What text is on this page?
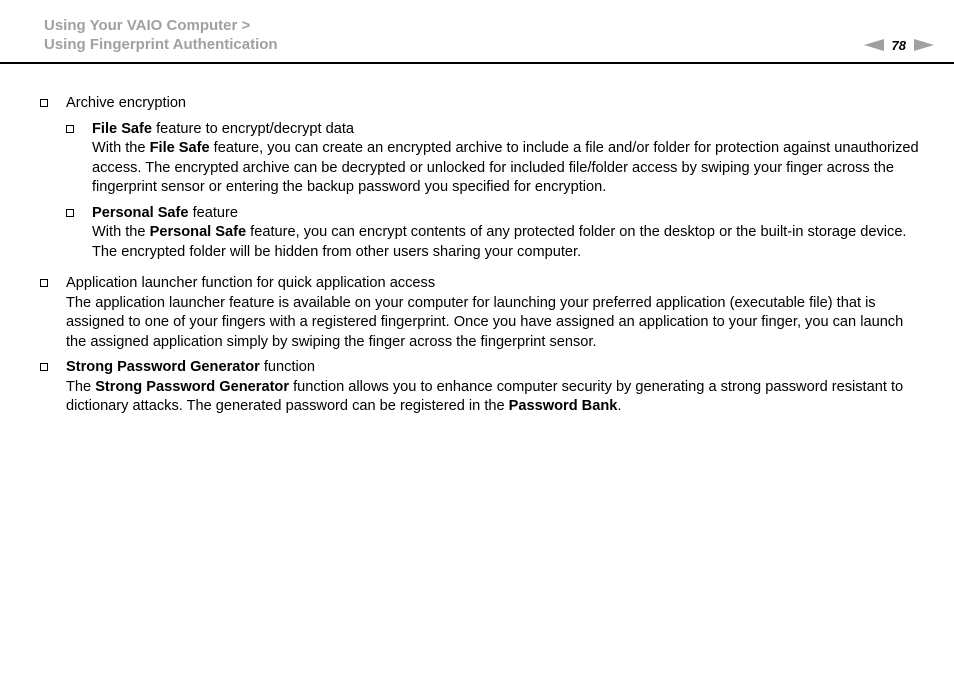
Using Your VAIO Computer >
Using Fingerprint Authentication	78
Archive encryption
File Safe feature to encrypt/decrypt data
With the File Safe feature, you can create an encrypted archive to include a file and/or folder for protection against unauthorized access. The encrypted archive can be decrypted or unlocked for included file/folder access by swiping your finger across the fingerprint sensor or entering the backup password you specified for encryption.
Personal Safe feature
With the Personal Safe feature, you can encrypt contents of any protected folder on the desktop or the built-in storage device. The encrypted folder will be hidden from other users sharing your computer.
Application launcher function for quick application access
The application launcher feature is available on your computer for launching your preferred application (executable file) that is assigned to one of your fingers with a registered fingerprint. Once you have assigned an application to your finger, you can launch the assigned application simply by swiping the finger across the fingerprint sensor.
Strong Password Generator function
The Strong Password Generator function allows you to enhance computer security by generating a strong password resistant to dictionary attacks. The generated password can be registered in the Password Bank.
